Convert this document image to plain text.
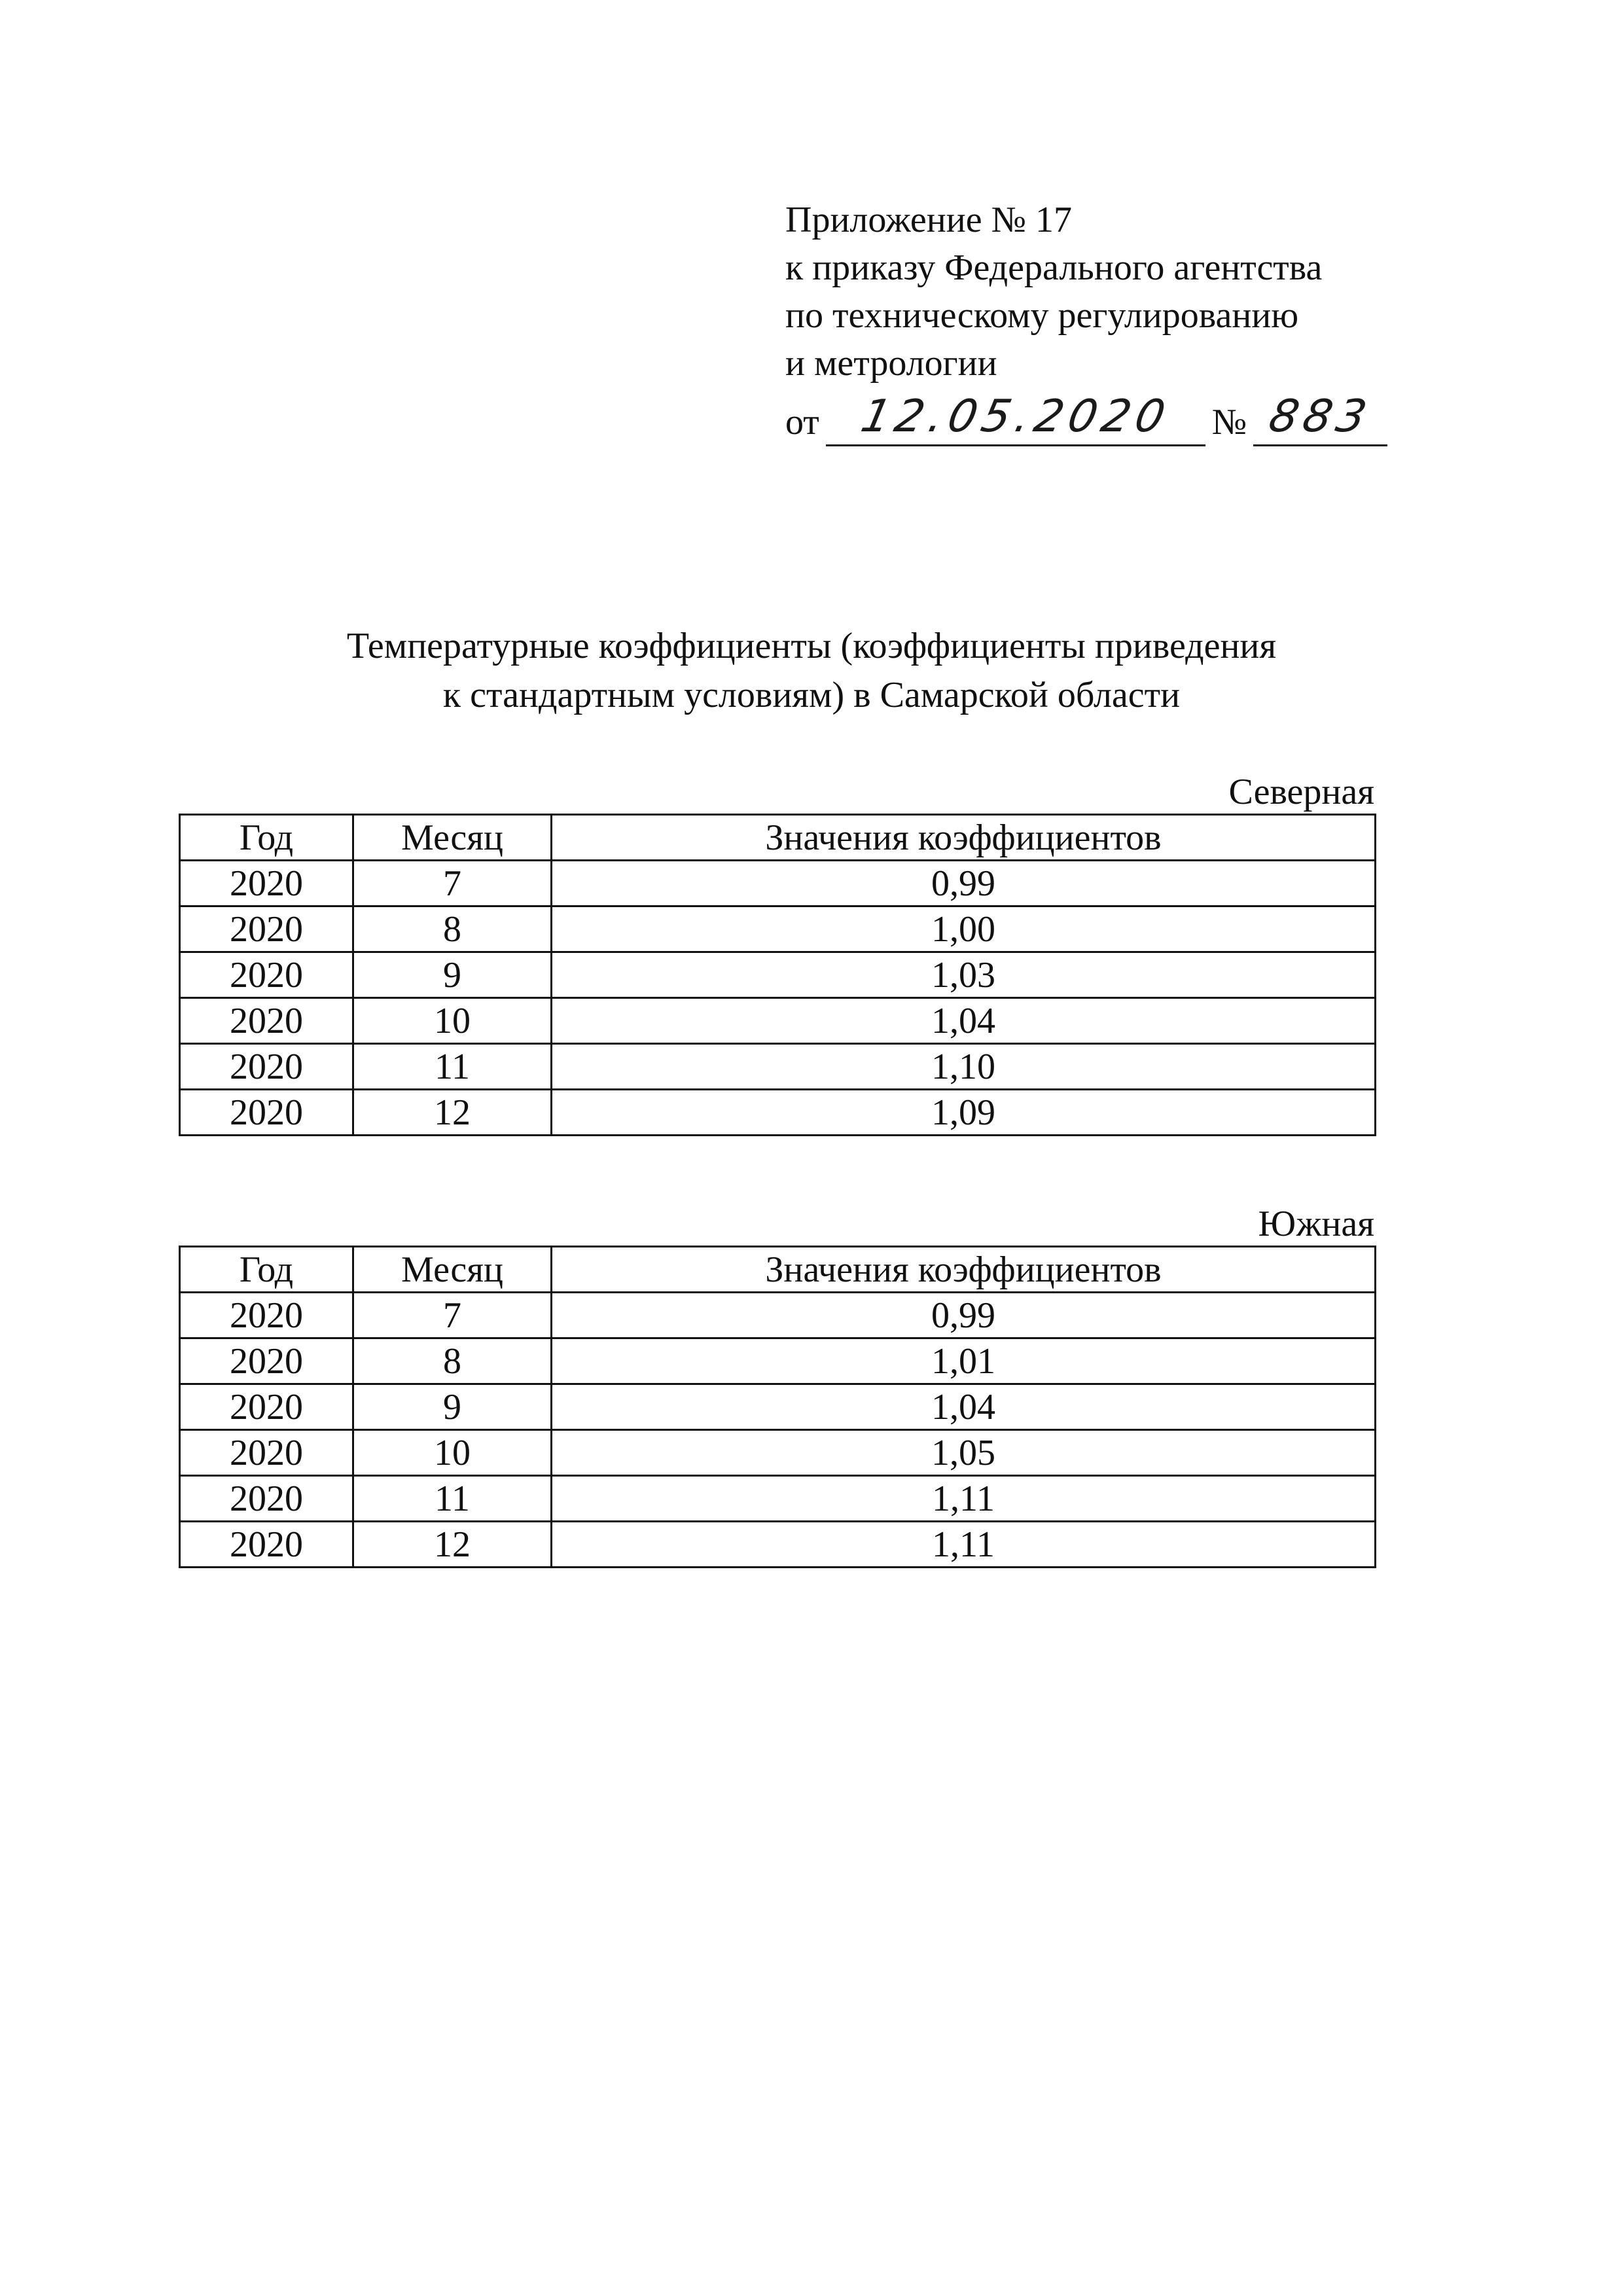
Приложение № 17
к приказу Федерального агентства
по техническому регулированию
и метрологии
от 12.05.2020	№ 883
Температурные коэффициенты (коэффициенты приведения
к стандартным условиям) в Самарской области
Северная
Год	Месяц	Значения коэффициентов
2020	7	0,99
2020	8	1,00
2020	9	1,03
2020	10	1,04
2020	11	1,10
2020	12	1,09
Южная
Год	Месяц	Значения коэффициентов
2020	7	0,99
2020	8	1,01
2020	9	1,04
2020	10	1,05
2020	11	1,11
2020	12	1,11
